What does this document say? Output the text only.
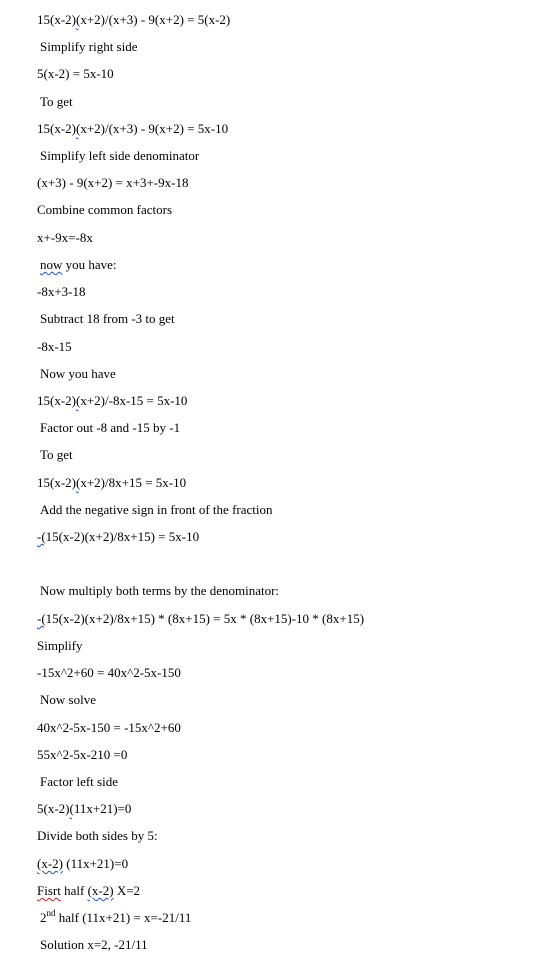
15(x-2)(x+2)/(x+3) - 9(x+2) = 5(x-2)
Simplify right side
5(x-2) = 5x-10
To get
15(x-2)(x+2)/(x+3) - 9(x+2) = 5x-10
Simplify left side denominator
(x+3) - 9(x+2) = x+3+-9x-18
Combine common factors
x+-9x=-8x
now you have:
-8x+3-18
Subtract 18 from -3 to get
-8x-15
Now you have
15(x-2)(x+2)/-8x-15 = 5x-10
Factor out -8 and -15 by -1
To get
15(x-2)(x+2)/8x+15 = 5x-10
Add the negative sign in front of the fraction
-(15(x-2)(x+2)/8x+15) = 5x-10
Now multiply both terms by the denominator:
-(15(x-2)(x+2)/8x+15) * (8x+15) = 5x * (8x+15)-10 * (8x+15)
Simplify
-15x^2+60 = 40x^2-5x-150
Now solve
40x^2-5x-150 = -15x^2+60
55x^2-5x-210 =0
Factor left side
5(x-2)(11x+21)=0
Divide both sides by 5:
(x-2) (11x+21)=0
Fisrt half (x-2) X=2
2nd half (11x+21) = x=-21/11
Solution x=2, -21/11
